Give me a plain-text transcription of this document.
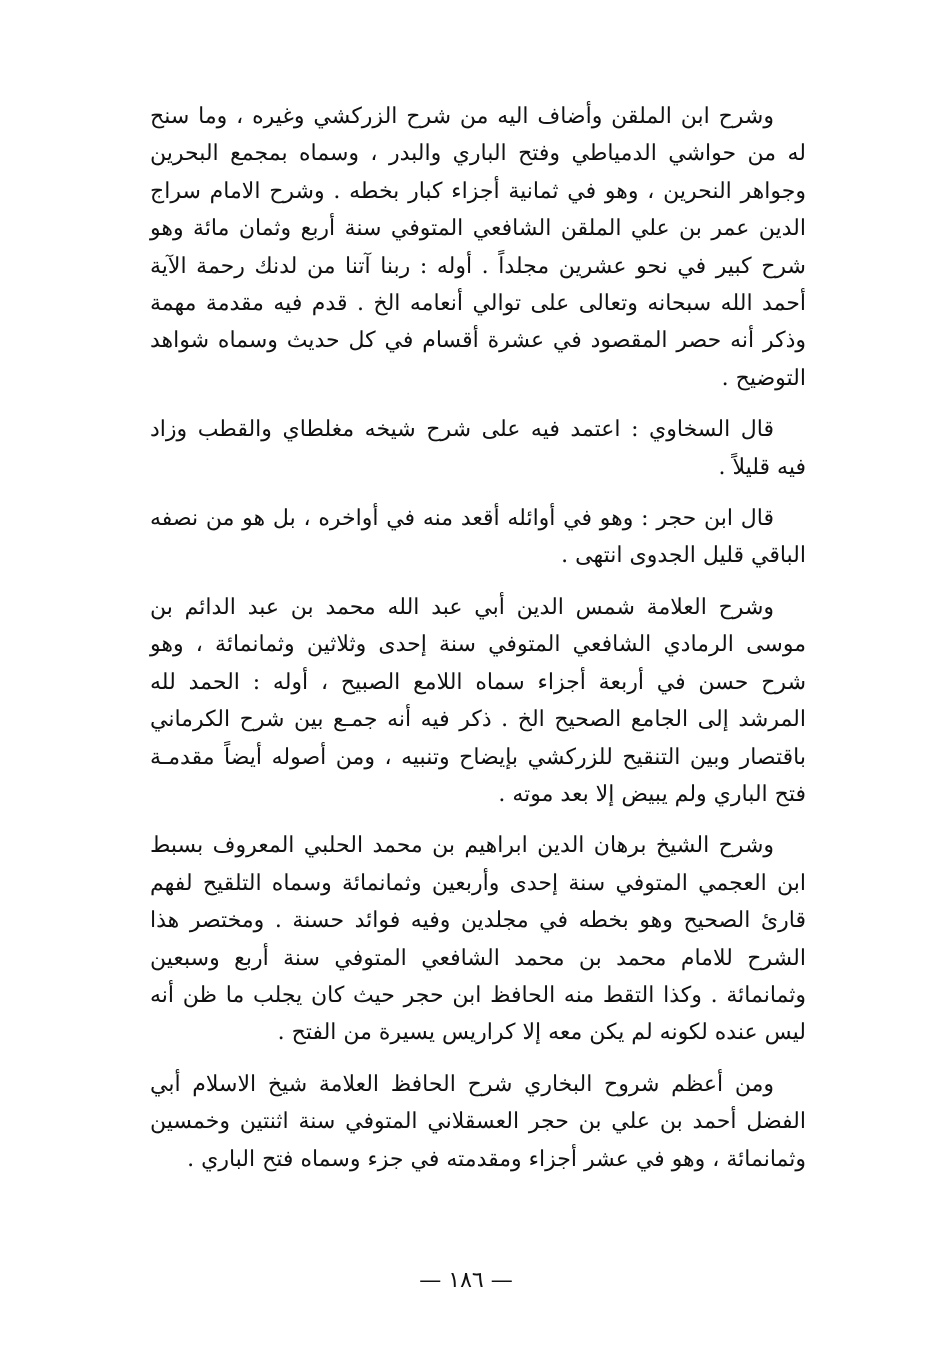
وشرح ابن الملقن وأضاف اليه من شرح الزركشي وغيره ، وما سنح له من حواشي الدمياطي وفتح الباري والبدر ، وسماه بمجمع البحرين وجواهر النحرين ، وهو في ثمانية أجزاء كبار بخطه . وشرح الامام سراج الدين عمر بن علي الملقن الشافعي المتوفي سنة أربع وثمان مائة وهو شرح كبير في نحو عشرين مجلداً . أوله : ربنا آتنا من لدنك رحمة الآية أحمد الله سبحانه وتعالى على توالي أنعامه الخ . قدم فيه مقدمة مهمة وذكر أنه حصر المقصود في عشرة أقسام في كل حديث وسماه شواهد التوضيح .

قال السخاوي : اعتمد فيه على شرح شيخه مغلطاي والقطب وزاد فيه قليلاً .

قال ابن حجر : وهو في أوائله أقعد منه في أواخره ، بل هو من نصفه الباقي قليل الجدوى انتهى .

وشرح العلامة شمس الدين أبي عبد الله محمد بن عبد الدائم بن موسى الرمادي الشافعي المتوفي سنة إحدى وثلاثين وثمانمائة ، وهو شرح حسن في أربعة أجزاء سماه اللامع الصبيح ، أوله : الحمد لله المرشد إلى الجامع الصحيح الخ . ذكر فيه أنه جمـع بين شرح الكرماني باقتصار وبين التنقيح للزركشي بإيضاح وتنبيه ، ومن أصوله أيضاً مقدمـة فتح الباري ولم يبيض إلا بعد موته .

وشرح الشيخ برهان الدين ابراهيم بن محمد الحلبي المعروف بسبط ابن العجمي المتوفي سنة إحدى وأربعين وثمانمائة وسماه التلقيح لفهم قارئ الصحيح وهو بخطه في مجلدين وفيه فوائد حسنة . ومختصر هذا الشرح للامام محمد بن محمد الشافعي المتوفي سنة أربع وسبعين وثمانمائة . وكذا التقط منه الحافظ ابن حجر حيث كان يجلب ما ظن أنه ليس عنده لكونه لم يكن معه إلا كراريس يسيرة من الفتح .

ومن أعظم شروح البخاري شرح الحافظ العلامة شيخ الاسلام أبي الفضل أحمد بن علي بن حجر العسقلاني المتوفي سنة اثنتين وخمسين وثمانمائة ، وهو في عشر أجزاء ومقدمته في جزء وسماه فتح الباري .

— ١٨٦ —
